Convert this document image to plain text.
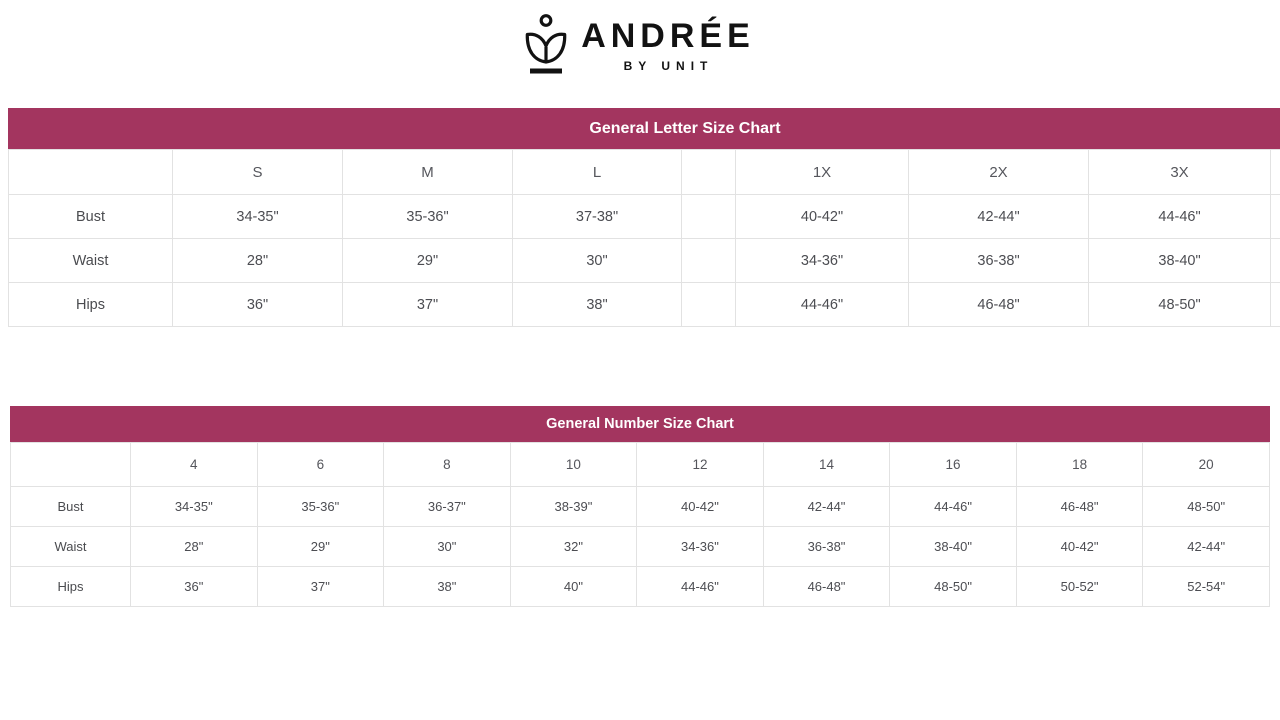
ANDRÉE
BY UNIT
General Letter Size Chart
	S	M	L		1X	2X	3X	
Bust	34-35"	35-36"	37-38"		40-42"	42-44"	44-46"	
Waist	28"	29"	30"		34-36"	36-38"	38-40"	
Hips	36"	37"	38"		44-46"	46-48"	48-50"	
General Number Size Chart
	4	6	8	10	12	14	16	18	20
Bust	34-35"	35-36"	36-37"	38-39"	40-42"	42-44"	44-46"	46-48"	48-50"
Waist	28"	29"	30"	32"	34-36"	36-38"	38-40"	40-42"	42-44"
Hips	36"	37"	38"	40"	44-46"	46-48"	48-50"	50-52"	52-54"
